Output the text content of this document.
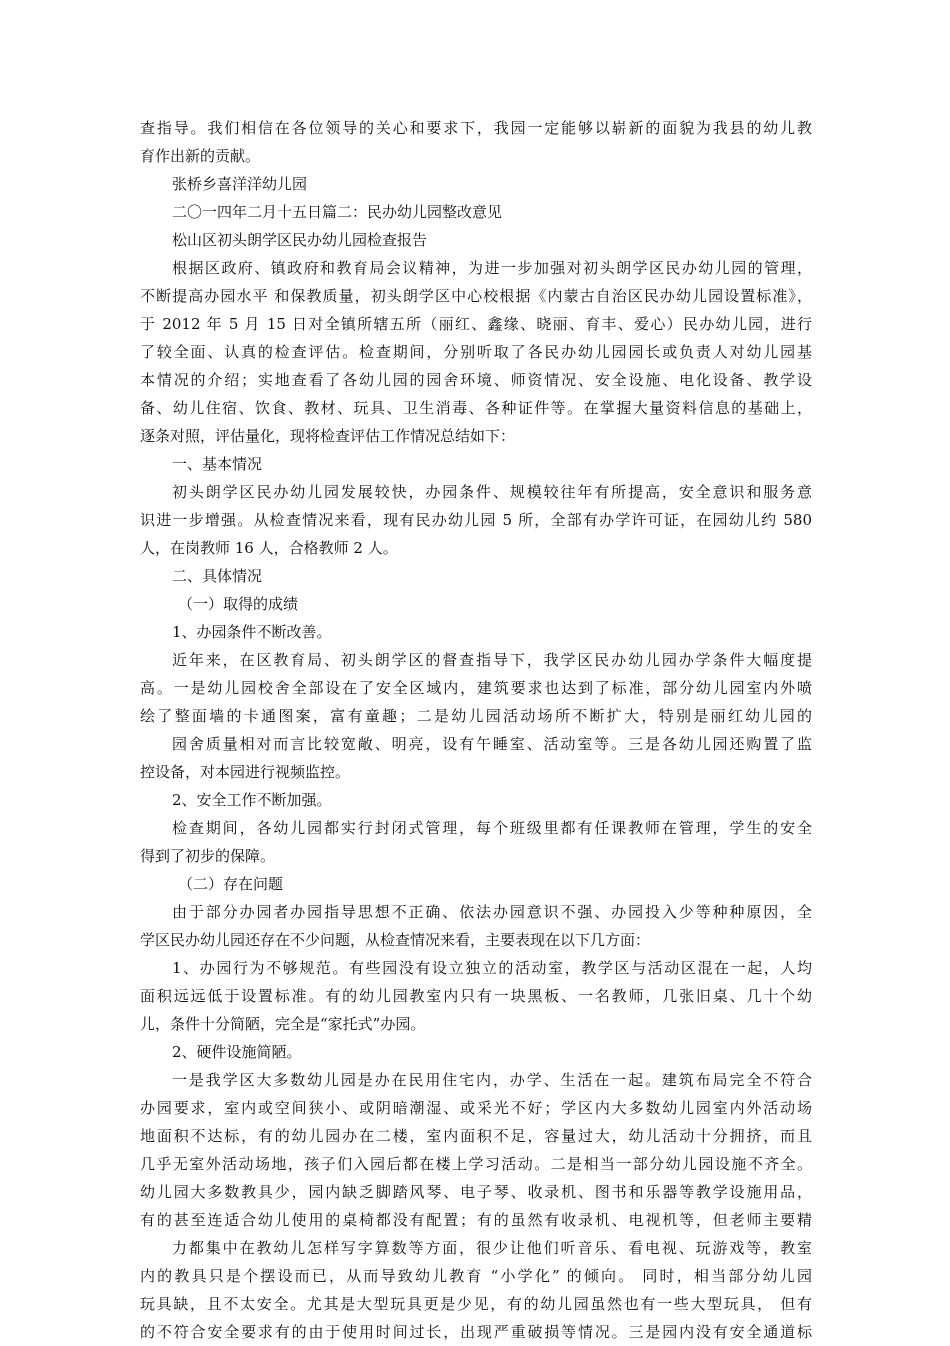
查指导。我们相信在各位领导的关心和要求下，我园一定能够以崭新的面貌为我县的幼儿教
育作出新的贡献。
张桥乡喜洋洋幼儿园
二〇一四年二月十五日篇二：民办幼儿园整改意见
松山区初头朗学区民办幼儿园检查报告
根据区政府、镇政府和教育局会议精神，为进一步加强对初头朗学区民办幼儿园的管理，
不断提高办园水平 和保教质量，初头朗学区中心校根据《内蒙古自治区民办幼儿园设置标准》，
于 2012 年 5 月 15 日对全镇所辖五所（丽红、鑫缘、晓丽、育丰、爱心）民办幼儿园，进行
了较全面、认真的检查评估。检查期间，分别听取了各民办幼儿园园长或负责人对幼儿园基
本情况的介绍；实地查看了各幼儿园的园舍环境、师资情况、安全设施、电化设备、教学设
备、幼儿住宿、饮食、教材、玩具、卫生消毒、各种证件等。在掌握大量资料信息的基础上，
逐条对照，评估量化，现将检查评估工作情况总结如下：
一、基本情况
初头朗学区民办幼儿园发展较快，办园条件、规模较往年有所提高，安全意识和服务意
识进一步增强。从检查情况来看，现有民办幼儿园 5 所，全部有办学许可证，在园幼儿约 580
人，在岗教师 16 人，合格教师 2 人。
二、具体情况
（一）取得的成绩
1、办园条件不断改善。
近年来，在区教育局、初头朗学区的督查指导下，我学区民办幼儿园办学条件大幅度提
高。一是幼儿园校舍全部设在了安全区域内，建筑要求也达到了标准，部分幼儿园室内外喷
绘了整面墙的卡通图案，富有童趣；二是幼儿园活动场所不断扩大，特别是丽红幼儿园的
园舍质量相对而言比较宽敞、明亮，设有午睡室、活动室等。三是各幼儿园还购置了监
控设备，对本园进行视频监控。
2、安全工作不断加强。
检查期间，各幼儿园都实行封闭式管理，每个班级里都有任课教师在管理，学生的安全
得到了初步的保障。
（二）存在问题
由于部分办园者办园指导思想不正确、依法办园意识不强、办园投入少等种种原因，全
学区民办幼儿园还存在不少问题，从检查情况来看，主要表现在以下几方面：
1、办园行为不够规范。有些园没有设立独立的活动室，教学区与活动区混在一起，人均
面积远远低于设置标准。有的幼儿园教室内只有一块黑板、一名教师，几张旧桌、几十个幼
儿，条件十分简陋，完全是“家托式”办园。
2、硬件设施简陋。
一是我学区大多数幼儿园是办在民用住宅内，办学、生活在一起。建筑布局完全不符合
办园要求，室内或空间狭小、或阴暗潮湿、或采光不好；学区内大多数幼儿园室内外活动场
地面积不达标，有的幼儿园办在二楼，室内面积不足，容量过大，幼儿活动十分拥挤，而且
几乎无室外活动场地，孩子们入园后都在楼上学习活动。二是相当一部分幼儿园设施不齐全。
幼儿园大多数教具少，园内缺乏脚踏风琴、电子琴、收录机、图书和乐器等教学设施用品，
有的甚至连适合幼儿使用的桌椅都没有配置；有的虽然有收录机、电视机等，但老师主要精
力都集中在教幼儿怎样写字算数等方面，很少让他们听音乐、看电视、玩游戏等，教室
内的教具只是个摆设而已，从而导致幼儿教育 “小学化” 的倾向。 同时，相当部分幼儿园
玩具缺，且不太安全。尤其是大型玩具更是少见，有的幼儿园虽然也有一些大型玩具， 但有
的不符合安全要求有的由于使用时间过长，出现严重破损等情况。三是园内没有安全通道标
